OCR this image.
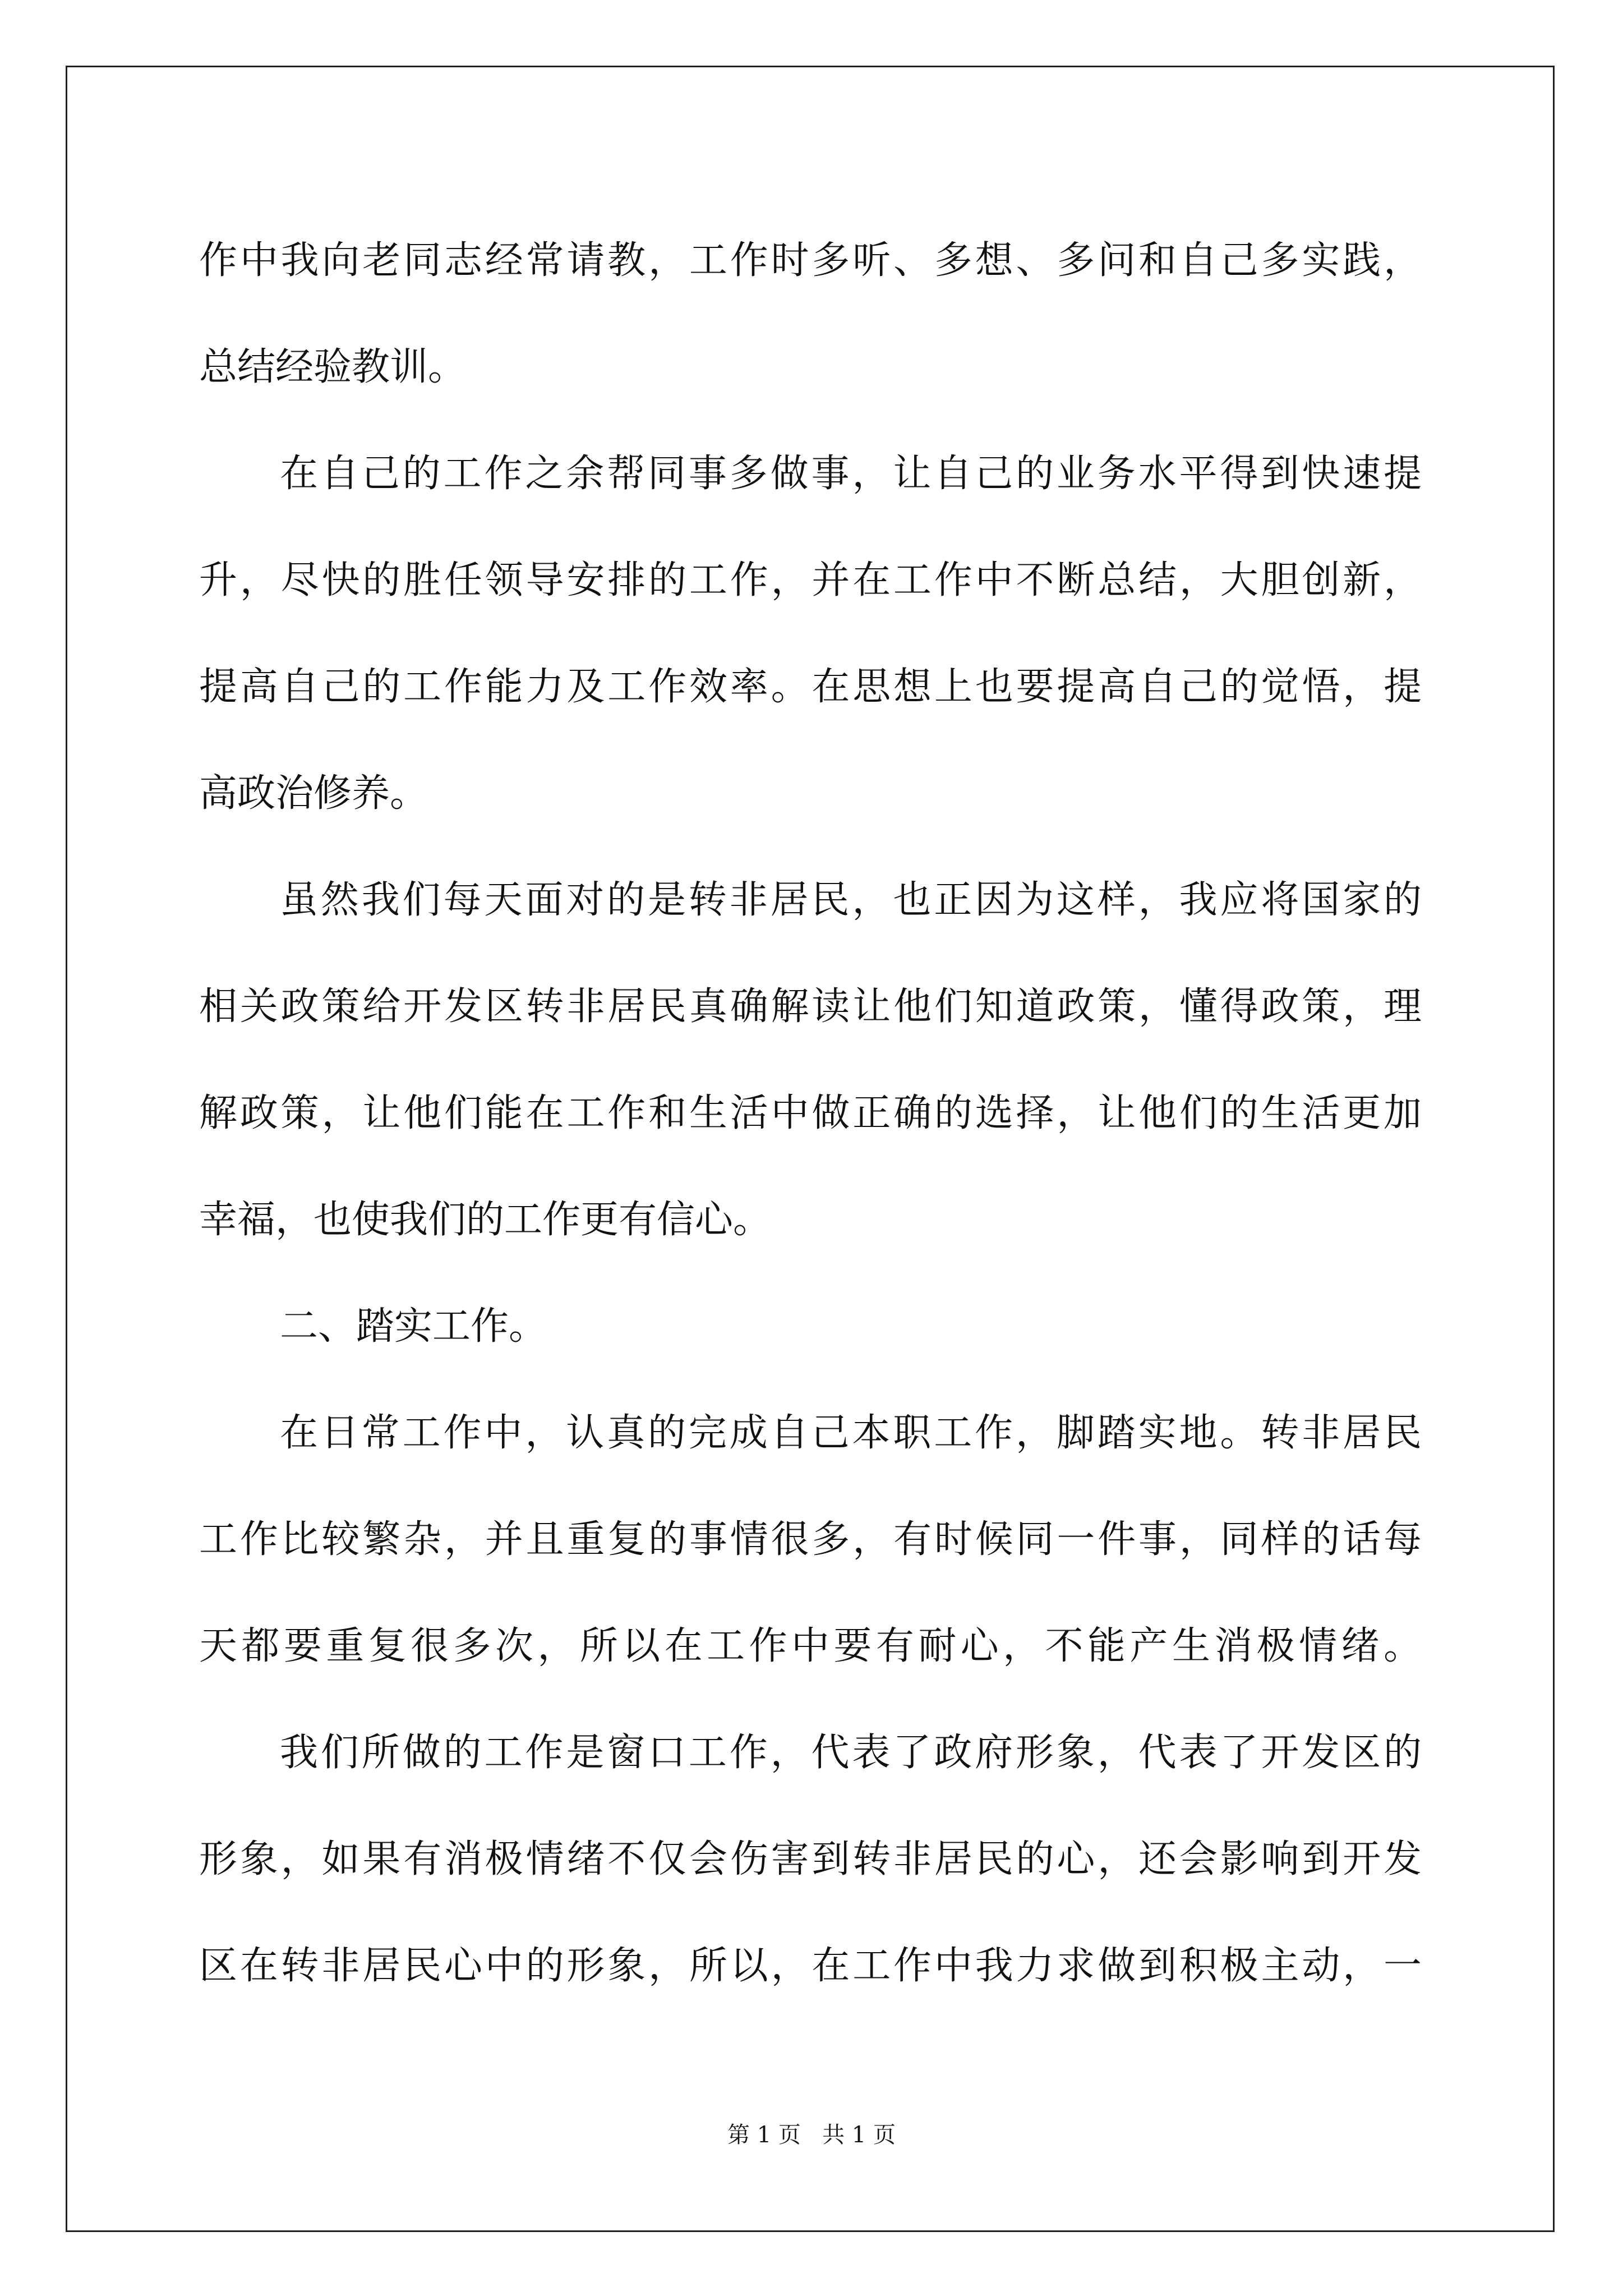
作中我向老同志经常请教，工作时多听、多想、多问和自己多实践，
总结经验教训。
在自己的工作之余帮同事多做事，让自己的业务水平得到快速提
升，尽快的胜任领导安排的工作，并在工作中不断总结，大胆创新，
提高自己的工作能力及工作效率。在思想上也要提高自己的觉悟，提
高政治修养。
虽然我们每天面对的是转非居民，也正因为这样，我应将国家的
相关政策给开发区转非居民真确解读让他们知道政策，懂得政策，理
解政策，让他们能在工作和生活中做正确的选择，让他们的生活更加
幸福，也使我们的工作更有信心。
二、踏实工作。
在日常工作中，认真的完成自己本职工作，脚踏实地。转非居民
工作比较繁杂，并且重复的事情很多，有时候同一件事，同样的话每
天都要重复很多次，所以在工作中要有耐心，不能产生消极情绪。
我们所做的工作是窗口工作，代表了政府形象，代表了开发区的
形象，如果有消极情绪不仅会伤害到转非居民的心，还会影响到开发
区在转非居民心中的形象，所以，在工作中我力求做到积极主动，一
第 1 页 共 1 页
